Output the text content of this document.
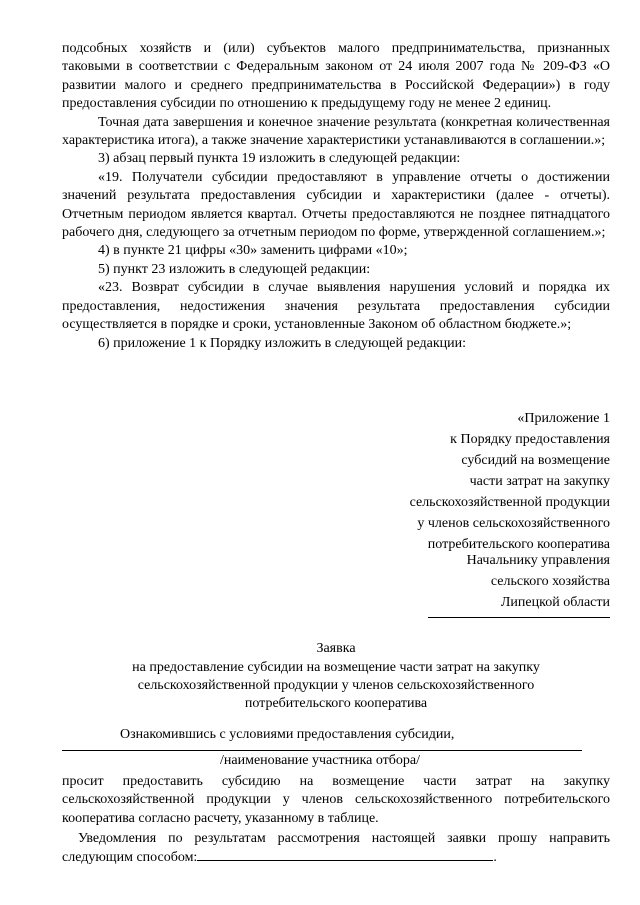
подсобных хозяйств и (или) субъектов малого предпринимательства, признанных таковыми в соответствии с Федеральным законом от 24 июля 2007 года № 209-ФЗ «О развитии малого и среднего предпринимательства в Российской Федерации») в году предоставления субсидии по отношению к предыдущему году не менее 2 единиц.

Точная дата завершения и конечное значение результата (конкретная количественная характеристика итога), а также значение характеристики устанавливаются в соглашении.»;

3) абзац первый пункта 19 изложить в следующей редакции:

«19. Получатели субсидии предоставляют в управление отчеты о достижении значений результата предоставления субсидии и характеристики (далее - отчеты). Отчетным периодом является квартал. Отчеты предоставляются не позднее пятнадцатого рабочего дня, следующего за отчетным периодом по форме, утвержденной соглашением.»;

4) в пункте 21 цифры «30» заменить цифрами «10»;

5) пункт 23 изложить в следующей редакции:

«23. Возврат субсидии в случае выявления нарушения условий и порядка их предоставления, недостижения значения результата предоставления субсидии осуществляется в порядке и сроки, установленные Законом об областном бюджете.»;

6) приложение 1 к Порядку изложить в следующей редакции:

«Приложение 1
к Порядку предоставления
субсидий на возмещение
части затрат на закупку
сельскохозяйственной продукции
у членов сельскохозяйственного
потребительского кооператива
Начальнику управления
сельского хозяйства
Липецкой области
Заявка
на предоставление субсидии на возмещение части затрат на закупку
сельскохозяйственной продукции у членов сельскохозяйственного
потребительского кооператива
Ознакомившись с условиями предоставления субсидии,
/наименование участника отбора/
просит предоставить субсидию на возмещение части затрат на закупку сельскохозяйственной продукции у членов сельскохозяйственного потребительского кооператива согласно расчету, указанному в таблице.
Уведомления по результатам рассмотрения настоящей заявки прошу направить
следующим способом:	.
